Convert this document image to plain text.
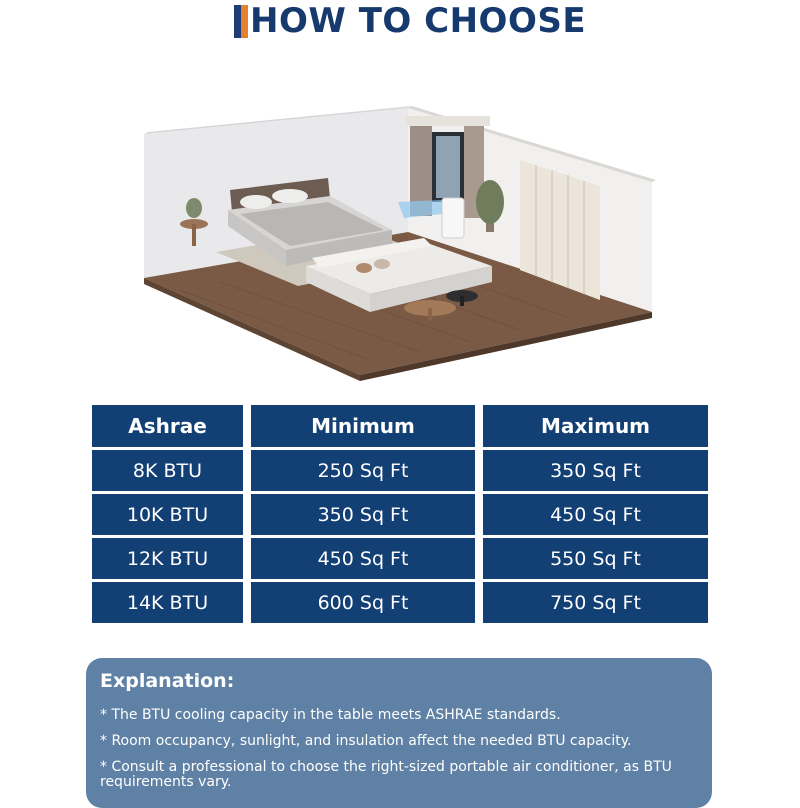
HOW TO CHOOSE
Ashrae	Minimum	Maximum
8K BTU	250 Sq Ft	350 Sq Ft
10K BTU	350 Sq Ft	450 Sq Ft
12K BTU	450 Sq Ft	550 Sq Ft
14K BTU	600 Sq Ft	750 Sq Ft
Explanation:
* The BTU cooling capacity in the table meets ASHRAE standards.
* Room occupancy, sunlight, and insulation affect the needed BTU capacity.
* Consult a professional to choose the right-sized portable air conditioner, as BTU requirements vary.
